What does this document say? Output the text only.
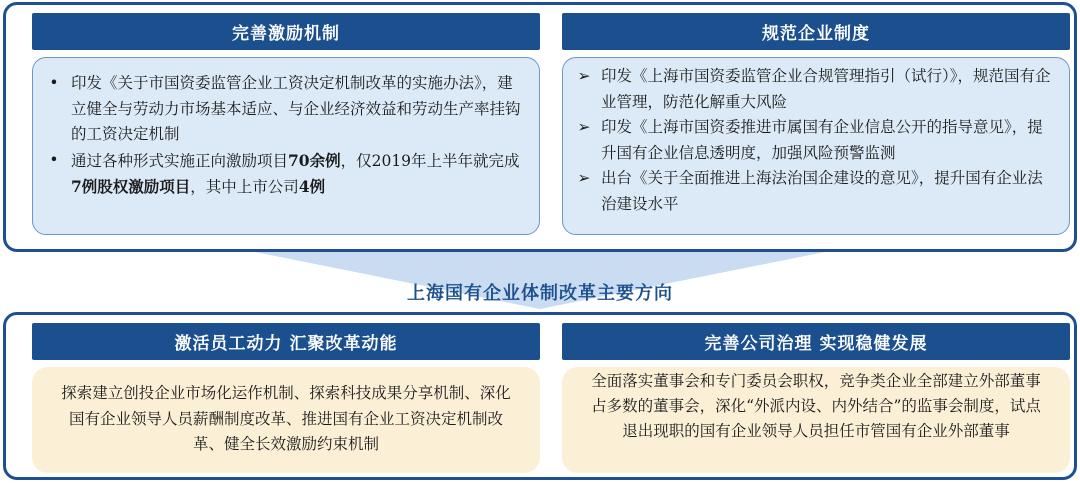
完善激励机制	规范企业制度
• 印发《关于市国资委监管企业工资决定机制改革的实施办法》，建立健全与劳动力市场基本适应、与企业经济效益和劳动生产率挂钩的工资决定机制
• 通过各种形式实施正向激励项目70余例，仅2019年上半年就完成7例股权激励项目，其中上市公司4例
➢ 印发《上海市国资委监管企业合规管理指引（试行）》，规范国有企业管理，防范化解重大风险
➢ 印发《上海市国资委推进市属国有企业信息公开的指导意见》，提升国有企业信息透明度，加强风险预警监测
➢ 出台《关于全面推进上海法治国企建设的意见》，提升国有企业法治建设水平
上海国有企业体制改革主要方向
激活员工动力 汇聚改革动能	完善公司治理 实现稳健发展
探索建立创投企业市场化运作机制、探索科技成果分享机制、深化国有企业领导人员薪酬制度改革、推进国有企业工资决定机制改革、健全长效激励约束机制
全面落实董事会和专门委员会职权，竞争类企业全部建立外部董事占多数的董事会，深化“外派内设、内外结合”的监事会制度，试点退出现职的国有企业领导人员担任市管国有企业外部董事
